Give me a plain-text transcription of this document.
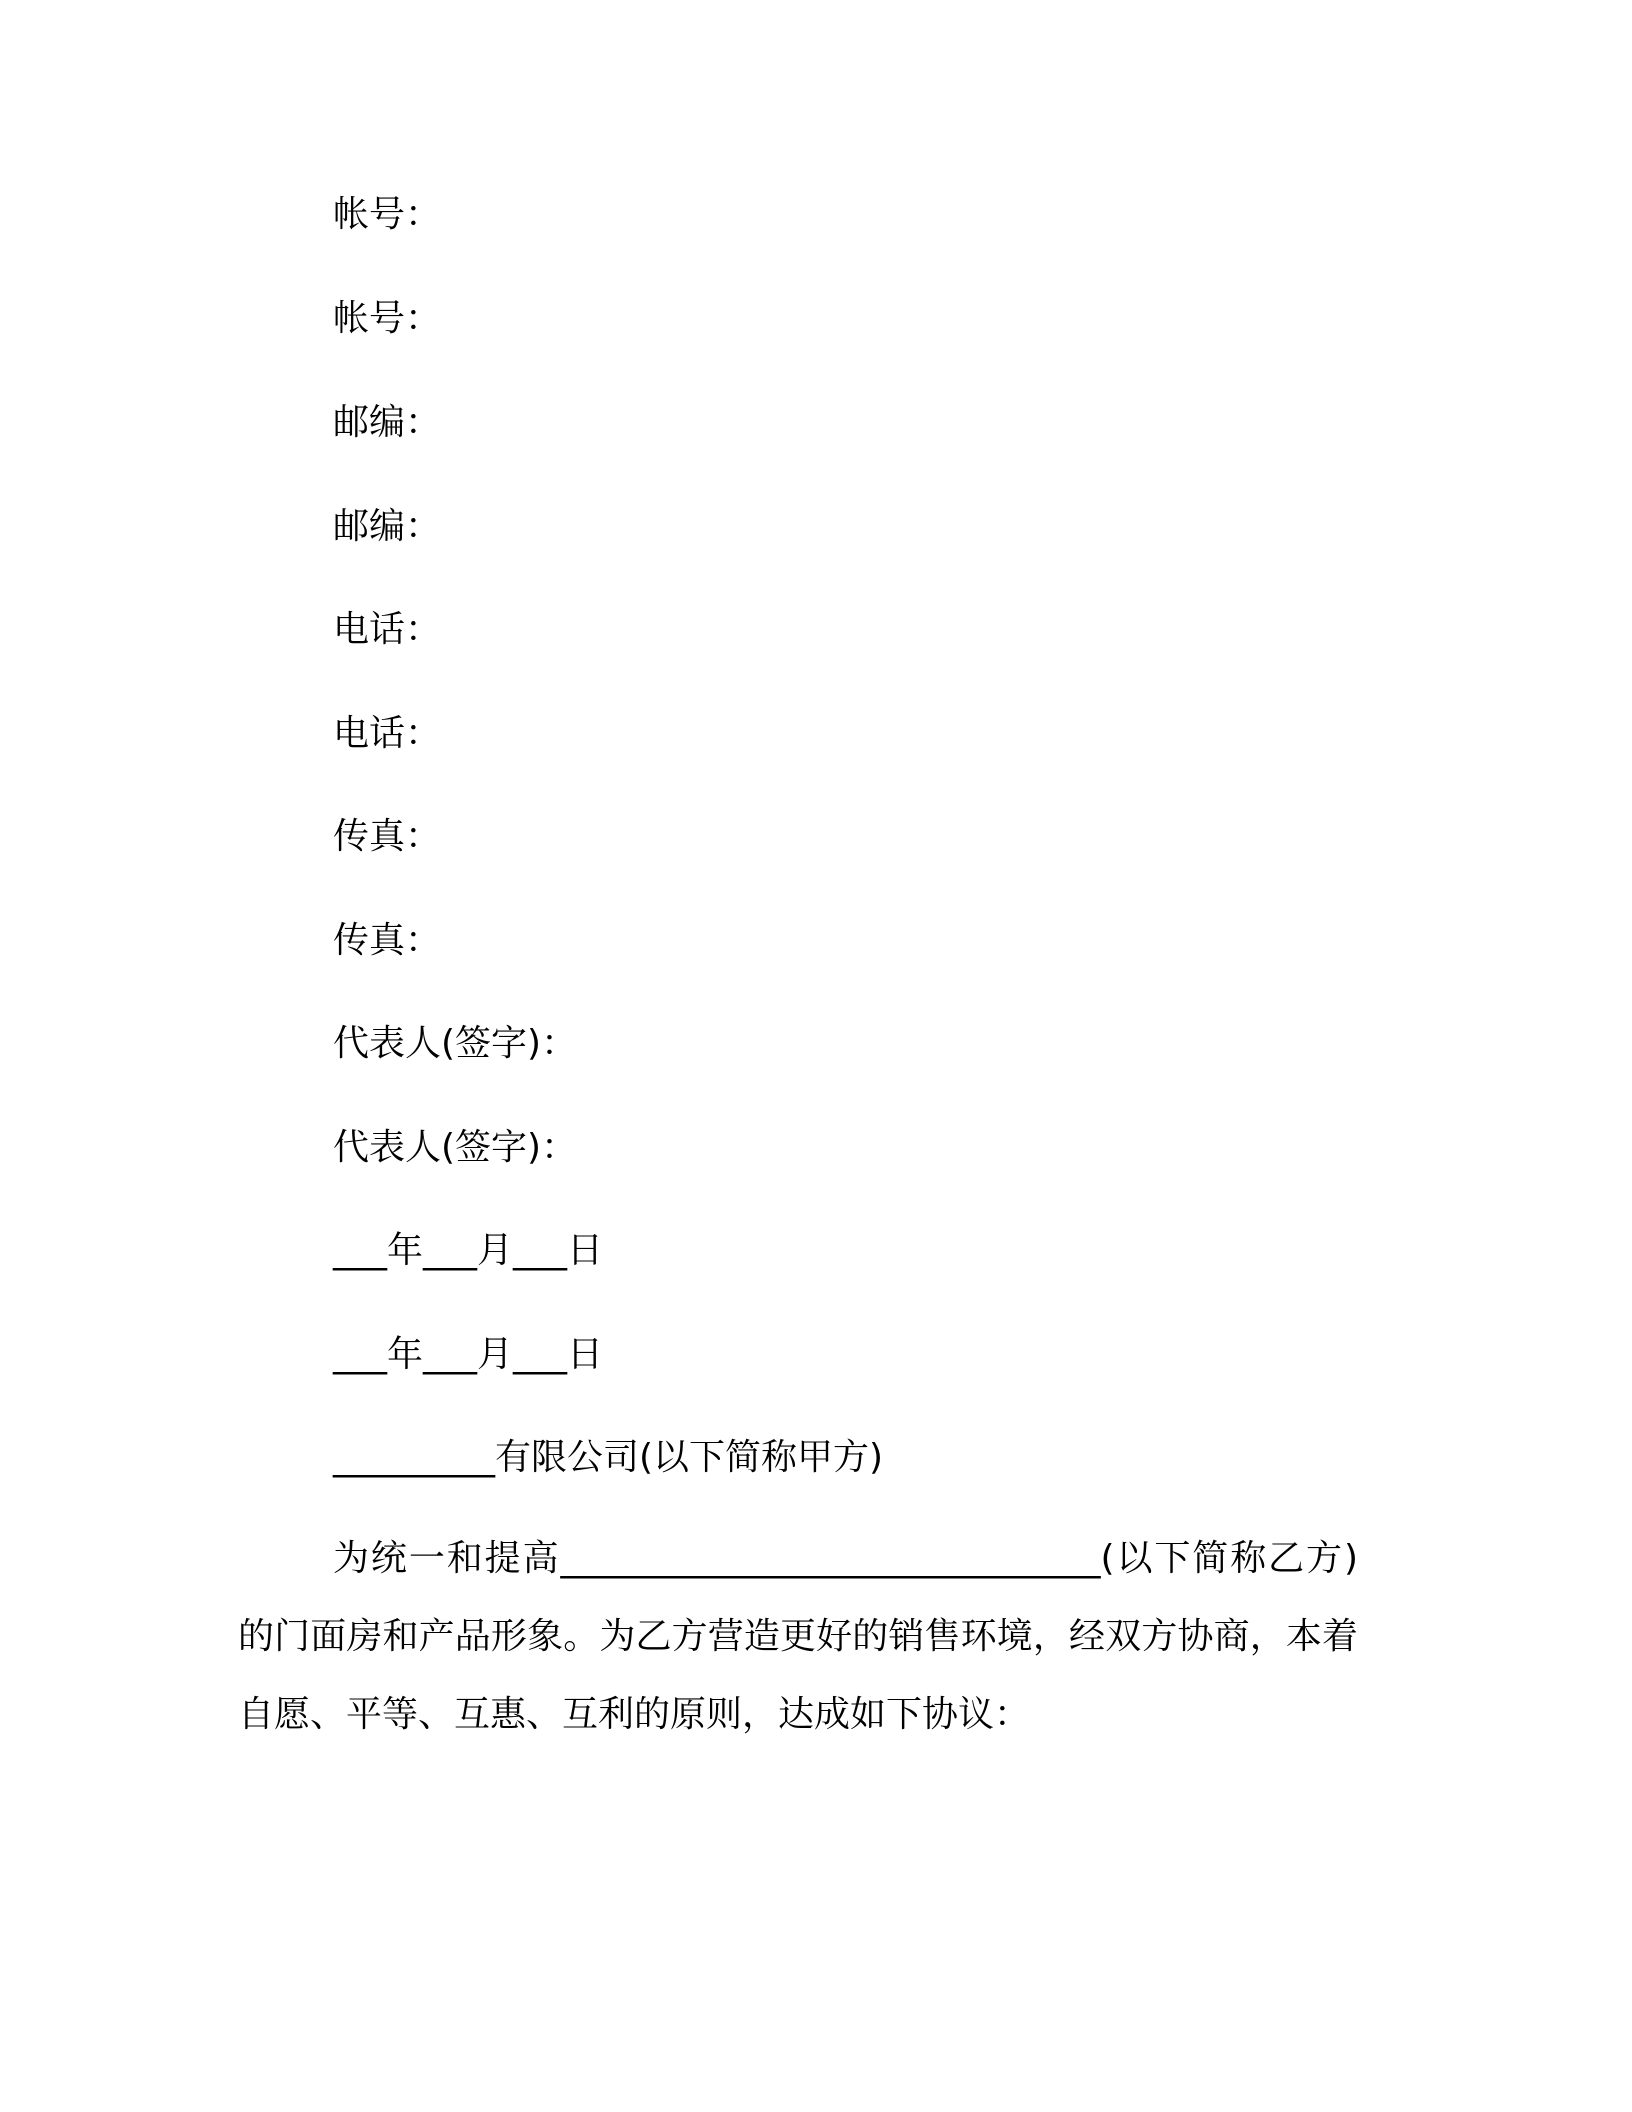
帐号：
帐号：
邮编：
邮编：
电话：
电话：
传真：
传真：
代表人(签字)：
代表人(签字)：
___年___月___日
___年___月___日
_________有限公司(以下简称甲方)
为统一和提高______________________________(以下简称乙方)的门面房和产品形象。为乙方营造更好的销售环境，经双方协商，本着自愿、平等、互惠、互利的原则，达成如下协议：
